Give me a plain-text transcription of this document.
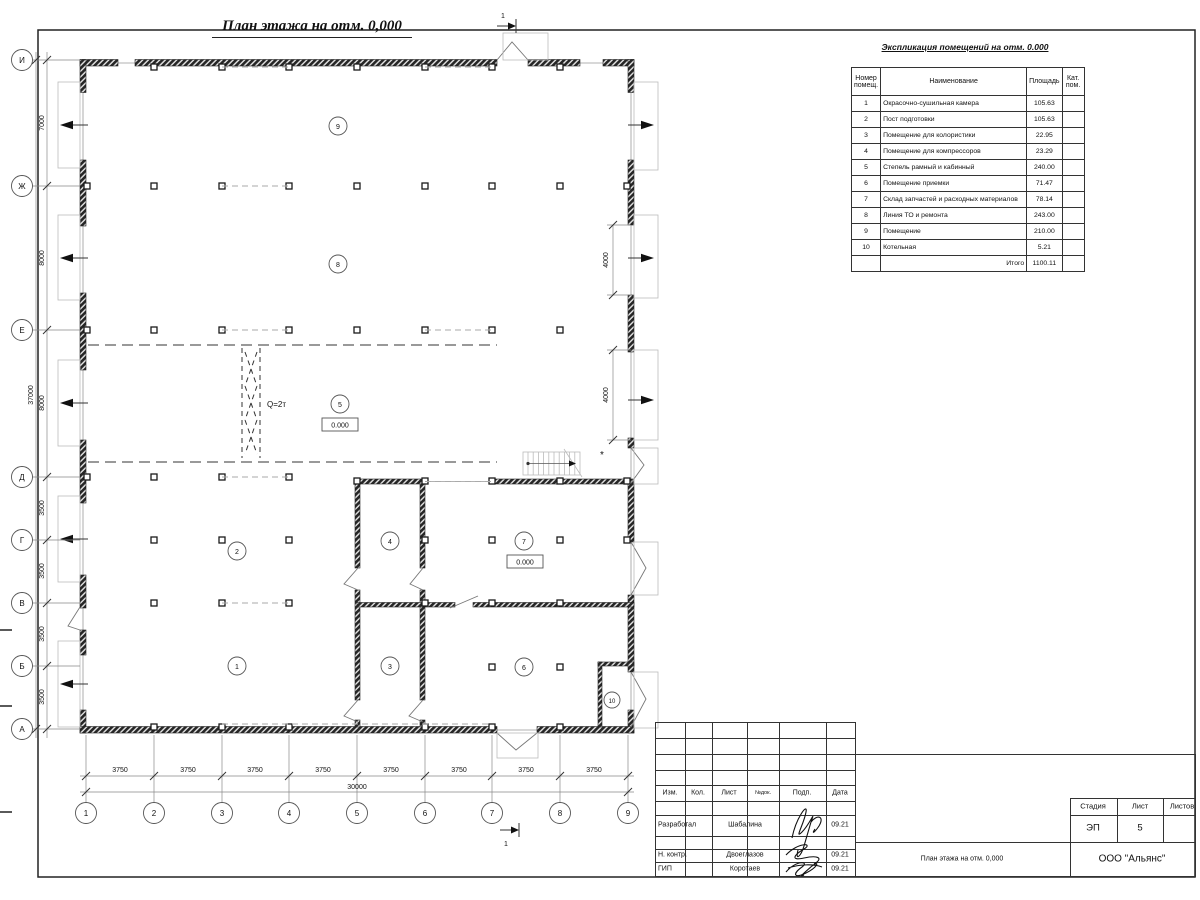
План этажа на отм. 0,000
Q=2т
*
4000
4000
И
Ж
Е
Д
Г
В
Б
А
7000
8000
8000
3500
3500
3500
3500
37000
3750	3750	3750	3750	3750	3750	3750	3750
30000
1	2	3	4	5	6	7	8	9
1
1
1
2
3
4
5
6
7
8
9
10
0.000
0.000
Экспликация помещений на отм. 0.000
Номер помещ.	Наименование	Площадь	Кат. пом.
1	Окрасочно-сушильная камера	105.63	
2	Пост подготовки	105.63	
3	Помещение для колористики	22.95	
4	Помещение для компрессоров	23.29	
5	Степель рамный и кабинный	240.00	
6	Помещение приемки	71.47	
7	Склад запчастей и расходных материалов	78.14	
8	Линия ТО и ремонта	243.00	
9	Помещение	210.00	
10	Котельная	5.21	
	Итого	1100.11	
Изм. Кол. Лист	№док.	Подп.	Дата
Разработал	Шабалина	09.21
Н. контр.	Двоеглазов	09.21
ГИП	Коротаев	09.21
Стадия	Лист	Листов
ЭП	5
План этажа на отм. 0,000	ООО "Альянс"
